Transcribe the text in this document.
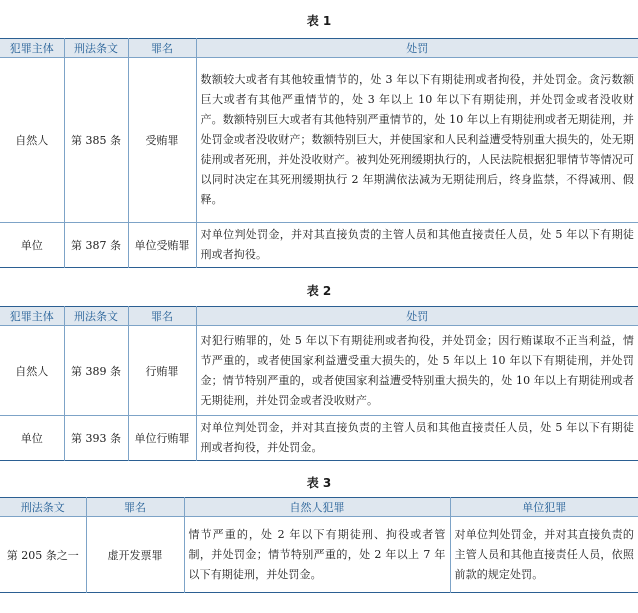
表 1
犯罪主体	刑法条文	罪名	处罚
自然人	第 385 条	受贿罪	数额较大或者有其他较重情节的，处 3 年以下有期徒刑或者拘役，并处罚金。贪污数额巨大或者有其他严重情节的，处 3 年以上 10 年以下有期徒刑，并处罚金或者没收财产。数额特别巨大或者有其他特别严重情节的，处 10 年以上有期徒刑或者无期徒刑，并处罚金或者没收财产；数额特别巨大，并使国家和人民利益遭受特别重大损失的，处无期徒刑或者死刑，并处没收财产。被判处死刑缓期执行的，人民法院根据犯罪情节等情况可以同时决定在其死刑缓期执行 2 年期满依法减为无期徒刑后，终身监禁，不得减刑、假释。
单位	第 387 条	单位受贿罪	对单位判处罚金，并对其直接负责的主管人员和其他直接责任人员，处 5 年以下有期徒刑或者拘役。
表 2
犯罪主体	刑法条文	罪名	处罚
自然人	第 389 条	行贿罪	对犯行贿罪的，处 5 年以下有期徒刑或者拘役，并处罚金；因行贿谋取不正当利益，情节严重的，或者使国家利益遭受重大损失的，处 5 年以上 10 年以下有期徒刑，并处罚金；情节特别严重的，或者使国家利益遭受特别重大损失的，处 10 年以上有期徒刑或者无期徒刑，并处罚金或者没收财产。
单位	第 393 条	单位行贿罪	对单位判处罚金，并对其直接负责的主管人员和其他直接责任人员，处 5 年以下有期徒刑或者拘役，并处罚金。
表 3
刑法条文	罪名	自然人犯罪	单位犯罪
第 205 条之一	虚开发票罪	情节严重的，处 2 年以下有期徒刑、拘役或者管制，并处罚金；情节特别严重的，处 2 年以上 7 年以下有期徒刑，并处罚金。	对单位判处罚金，并对其直接负责的主管人员和其他直接责任人员，依照前款的规定处罚。
